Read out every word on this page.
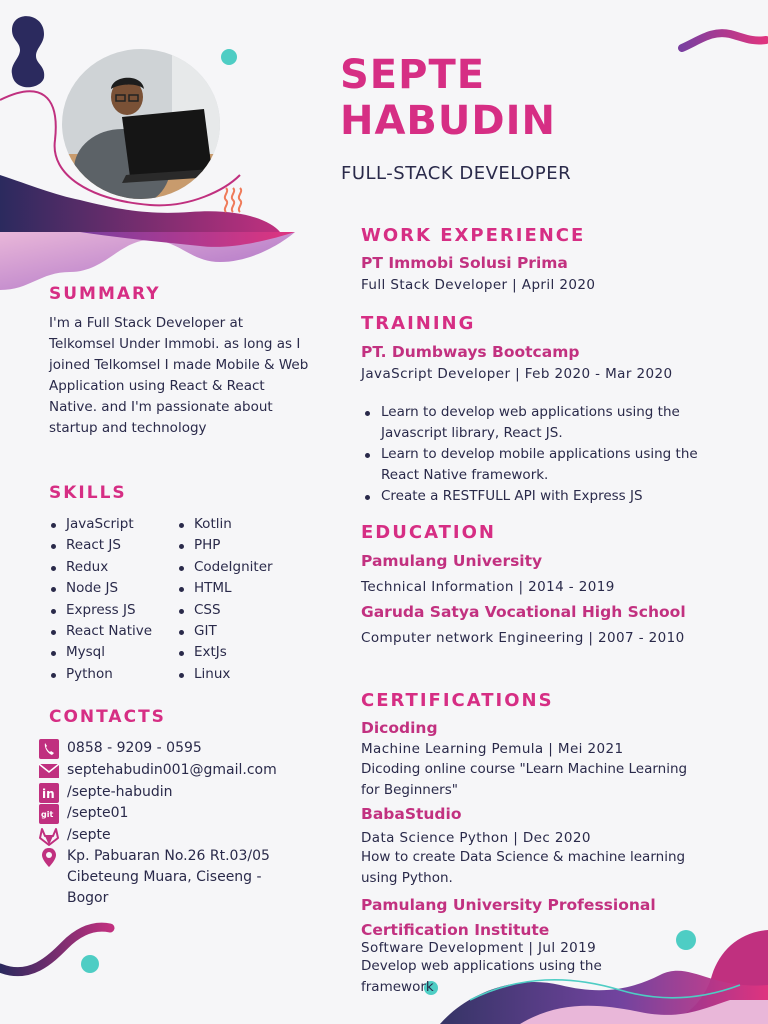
SEPTE
HABUDIN
FULL-STACK DEVELOPER
SUMMARY
I'm a Full Stack Developer at Telkomsel Under Immobi. as long as I joined Telkomsel I made Mobile & Web Application using React & React Native. and I'm passionate about startup and technology
SKILLS
JavaScript
React JS
Redux
Node JS
Express JS
React Native
Mysql
Python
Kotlin
PHP
CodeIgniter
HTML
CSS
GIT
ExtJs
Linux
CONTACTS
0858 - 9209 - 0595
septehabudin001@gmail.com
in /septe-habudin
git /septe01
/septe
Kp. Pabuaran No.26 Rt.03/05 Cibeteung Muara, Ciseeng - Bogor
WORK EXPERIENCE
PT Immobi Solusi Prima
Full Stack Developer | April 2020
TRAINING
PT. Dumbways Bootcamp
JavaScript Developer | Feb 2020 - Mar 2020
Learn to develop web applications using the Javascript library, React JS.
Learn to develop mobile applications using the React Native framework.
Create a RESTFULL API with Express JS
EDUCATION
Pamulang University
Technical Information | 2014 - 2019
Garuda Satya Vocational High School
Computer network Engineering | 2007 - 2010
CERTIFICATIONS
Dicoding
Machine Learning Pemula | Mei 2021
Dicoding online course "Learn Machine Learning for Beginners"
BabaStudio
Data Science Python | Dec 2020
How to create Data Science & machine learning using Python.
Pamulang University Professional Certification Institute
Software Development | Jul 2019
Develop web applications using the framework
